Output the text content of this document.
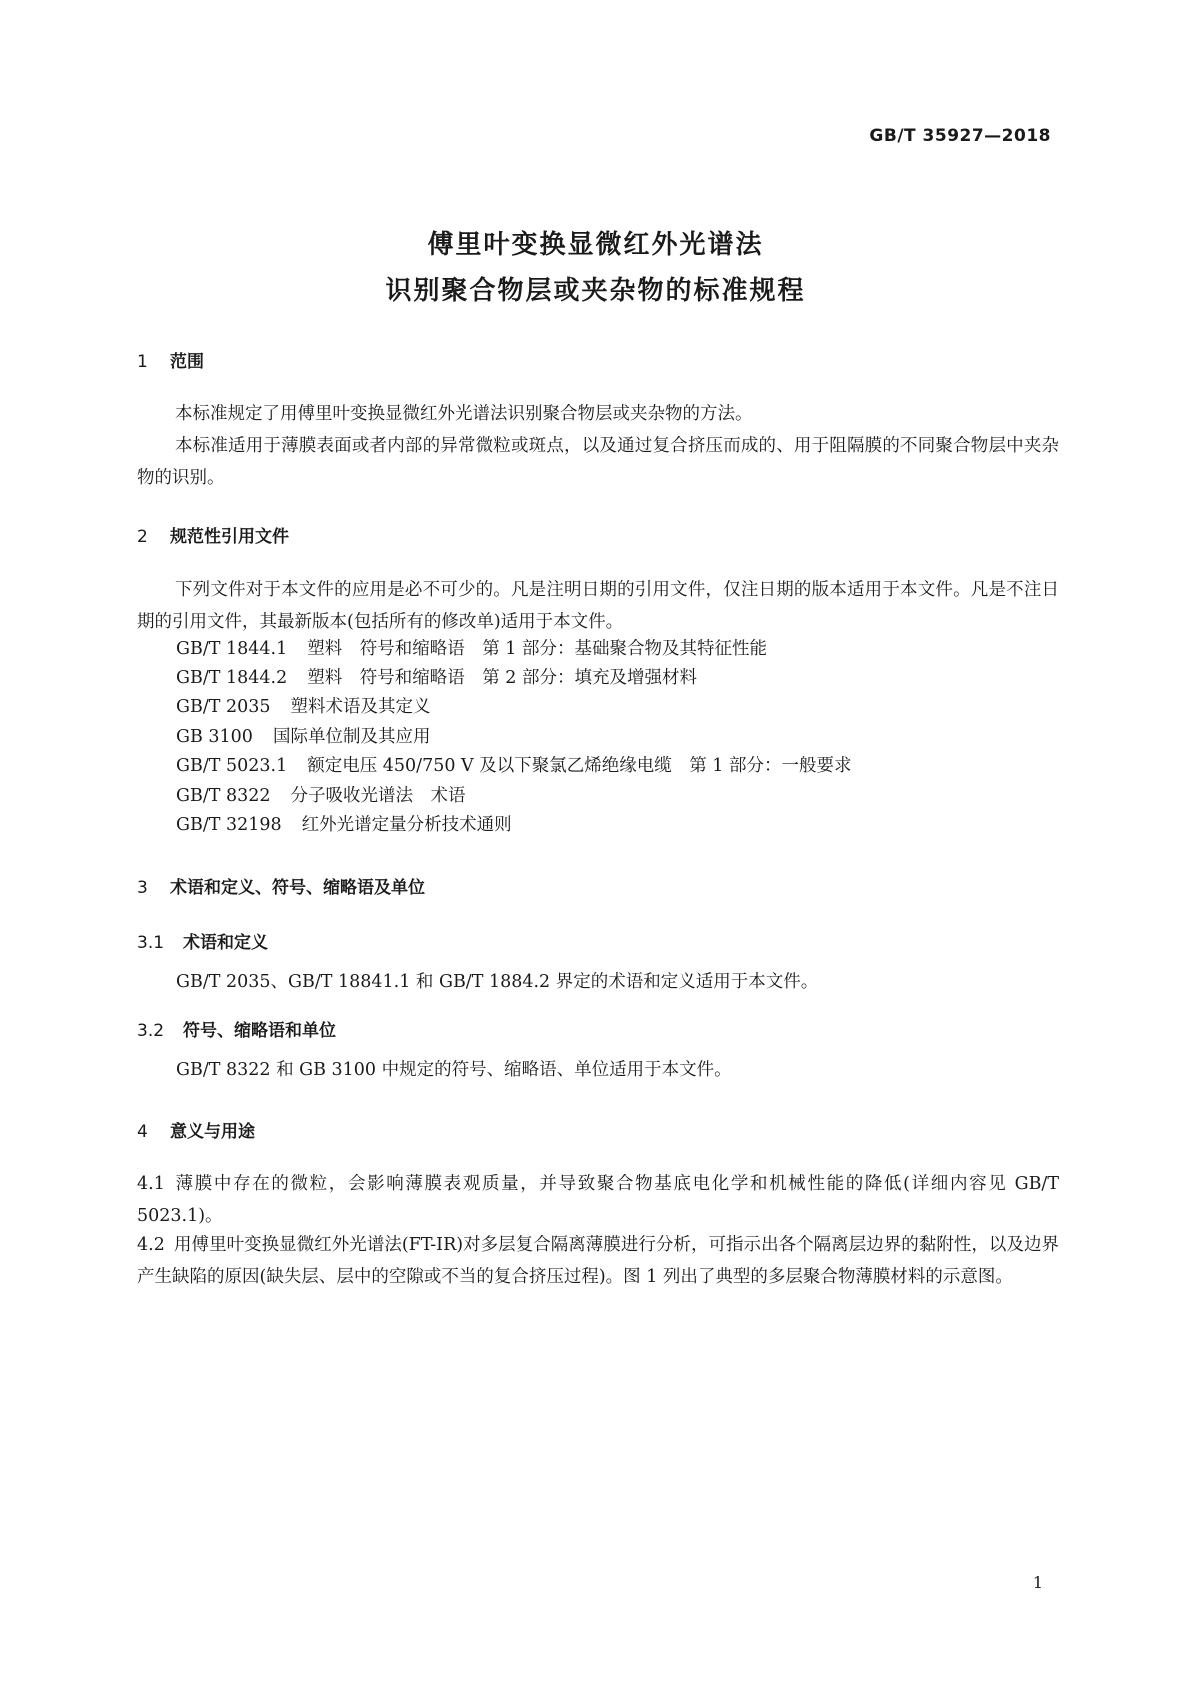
GB/T 35927—2018
傅里叶变换显微红外光谱法
识别聚合物层或夹杂物的标准规程
1 范围

本标准规定了用傅里叶变换显微红外光谱法识别聚合物层或夹杂物的方法。

本标准适用于薄膜表面或者内部的异常微粒或斑点，以及通过复合挤压而成的、用于阻隔膜的不同聚合物层中夹杂物的识别。

2 规范性引用文件

下列文件对于本文件的应用是必不可少的。凡是注明日期的引用文件，仅注日期的版本适用于本文件。凡是不注日期的引用文件，其最新版本(包括所有的修改单)适用于本文件。

GB/T 1844.1 塑料　符号和缩略语　第 1 部分：基础聚合物及其特征性能
GB/T 1844.2 塑料　符号和缩略语　第 2 部分：填充及增强材料
GB/T 2035 塑料术语及其定义
GB 3100 国际单位制及其应用
GB/T 5023.1 额定电压 450/750 V 及以下聚氯乙烯绝缘电缆　第 1 部分：一般要求
GB/T 8322 分子吸收光谱法　术语
GB/T 32198 红外光谱定量分析技术通则
3 术语和定义、符号、缩略语及单位
3.1 术语和定义
GB/T 2035、GB/T 18841.1 和 GB/T 1884.2 界定的术语和定义适用于本文件。
3.2 符号、缩略语和单位
GB/T 8322 和 GB 3100 中规定的符号、缩略语、单位适用于本文件。
4 意义与用途

4.1 薄膜中存在的微粒，会影响薄膜表观质量，并导致聚合物基底电化学和机械性能的降低(详细内容见 GB/T 5023.1)。

4.2 用傅里叶变换显微红外光谱法(FT-IR)对多层复合隔离薄膜进行分析，可指示出各个隔离层边界的黏附性，以及边界产生缺陷的原因(缺失层、层中的空隙或不当的复合挤压过程)。图 1 列出了典型的多层聚合物薄膜材料的示意图。

1
